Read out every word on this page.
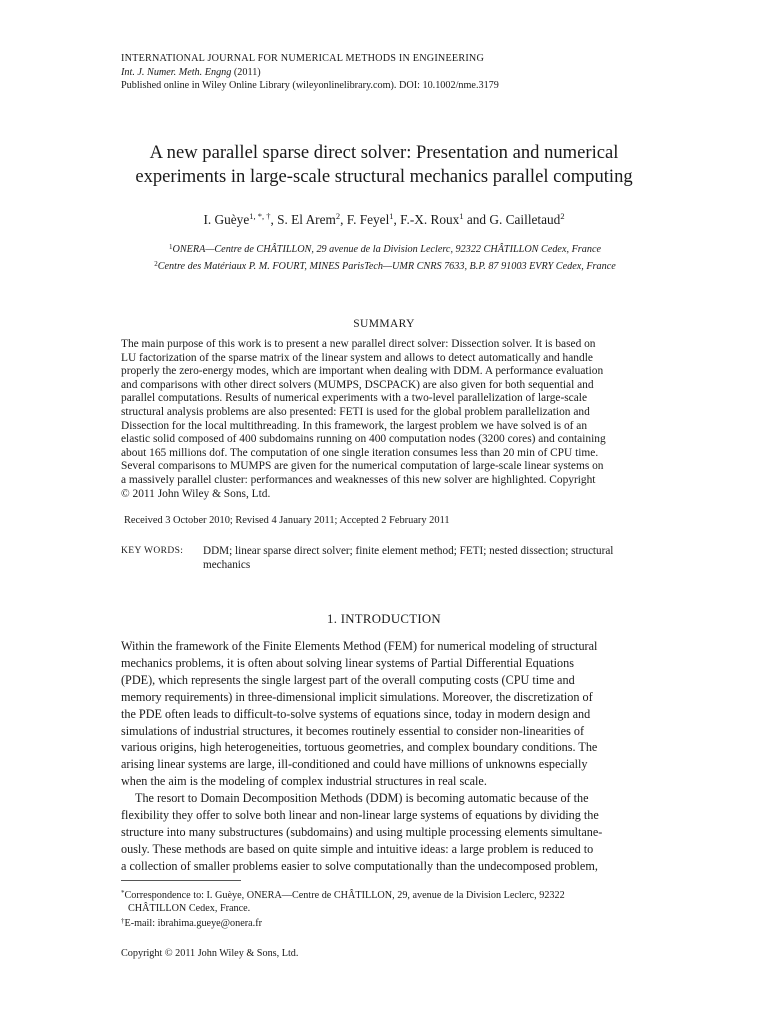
INTERNATIONAL JOURNAL FOR NUMERICAL METHODS IN ENGINEERING
Int. J. Numer. Meth. Engng (2011)
Published online in Wiley Online Library (wileyonlinelibrary.com). DOI: 10.1002/nme.3179
A new parallel sparse direct solver: Presentation and numerical
experiments in large-scale structural mechanics parallel computing
I. Guèye$^{1, *, \dagger}$, S. El Arem$^2$, F. Feyel$^1$, F.-X. Roux$^1$ and G. Cailletaud$^2$
$^1$ONERA—Centre de CHÂTILLON, 29 avenue de la Division Leclerc, 92322 CHÂTILLON Cedex, France
$^2$Centre des Matériaux P. M. FOURT, MINES ParisTech—UMR CNRS 7633, B.P. 87 91003 EVRY Cedex, France
SUMMARY

The main purpose of this work is to present a new parallel direct solver: Dissection solver. It is based on
LU factorization of the sparse matrix of the linear system and allows to detect automatically and handle
properly the zero-energy modes, which are important when dealing with DDM. A performance evaluation
and comparisons with other direct solvers (MUMPS, DSCPACK) are also given for both sequential and
parallel computations. Results of numerical experiments with a two-level parallelization of large-scale
structural analysis problems are also presented: FETI is used for the global problem parallelization and
Dissection for the local multithreading. In this framework, the largest problem we have solved is of an
elastic solid composed of 400 subdomains running on 400 computation nodes (3200 cores) and containing
about 165 millions dof. The computation of one single iteration consumes less than 20 min of CPU time.
Several comparisons to MUMPS are given for the numerical computation of large-scale linear systems on
a massively parallel cluster: performances and weaknesses of this new solver are highlighted. Copyright
© 2011 John Wiley & Sons, Ltd.

Received 3 October 2010; Revised 4 January 2011; Accepted 2 February 2011
KEY WORDS: DDM; linear sparse direct solver; finite element method; FETI; nested dissection; structural mechanics
1. INTRODUCTION

Within the framework of the Finite Elements Method (FEM) for numerical modeling of structural
mechanics problems, it is often about solving linear systems of Partial Differential Equations
(PDE), which represents the single largest part of the overall computing costs (CPU time and
memory requirements) in three-dimensional implicit simulations. Moreover, the discretization of
the PDE often leads to difficult-to-solve systems of equations since, today in modern design and
simulations of industrial structures, it becomes routinely essential to consider non-linearities of
various origins, high heterogeneities, tortuous geometries, and complex boundary conditions. The
arising linear systems are large, ill-conditioned and could have millions of unknowns especially
when the aim is the modeling of complex industrial structures in real scale.

The resort to Domain Decomposition Methods (DDM) is becoming automatic because of the
flexibility they offer to solve both linear and non-linear large systems of equations by dividing the
structure into many substructures (subdomains) and using multiple processing elements simultane-
ously. These methods are based on quite simple and intuitive ideas: a large problem is reduced to
a collection of smaller problems easier to solve computationally than the undecomposed problem,

*Correspondence to: I. Guèye, ONERA—Centre de CHÂTILLON, 29, avenue de la Division Leclerc, 92322

CHÂTILLON Cedex, France.

†E-mail: ibrahima.gueye@onera.fr

Copyright © 2011 John Wiley & Sons, Ltd.
